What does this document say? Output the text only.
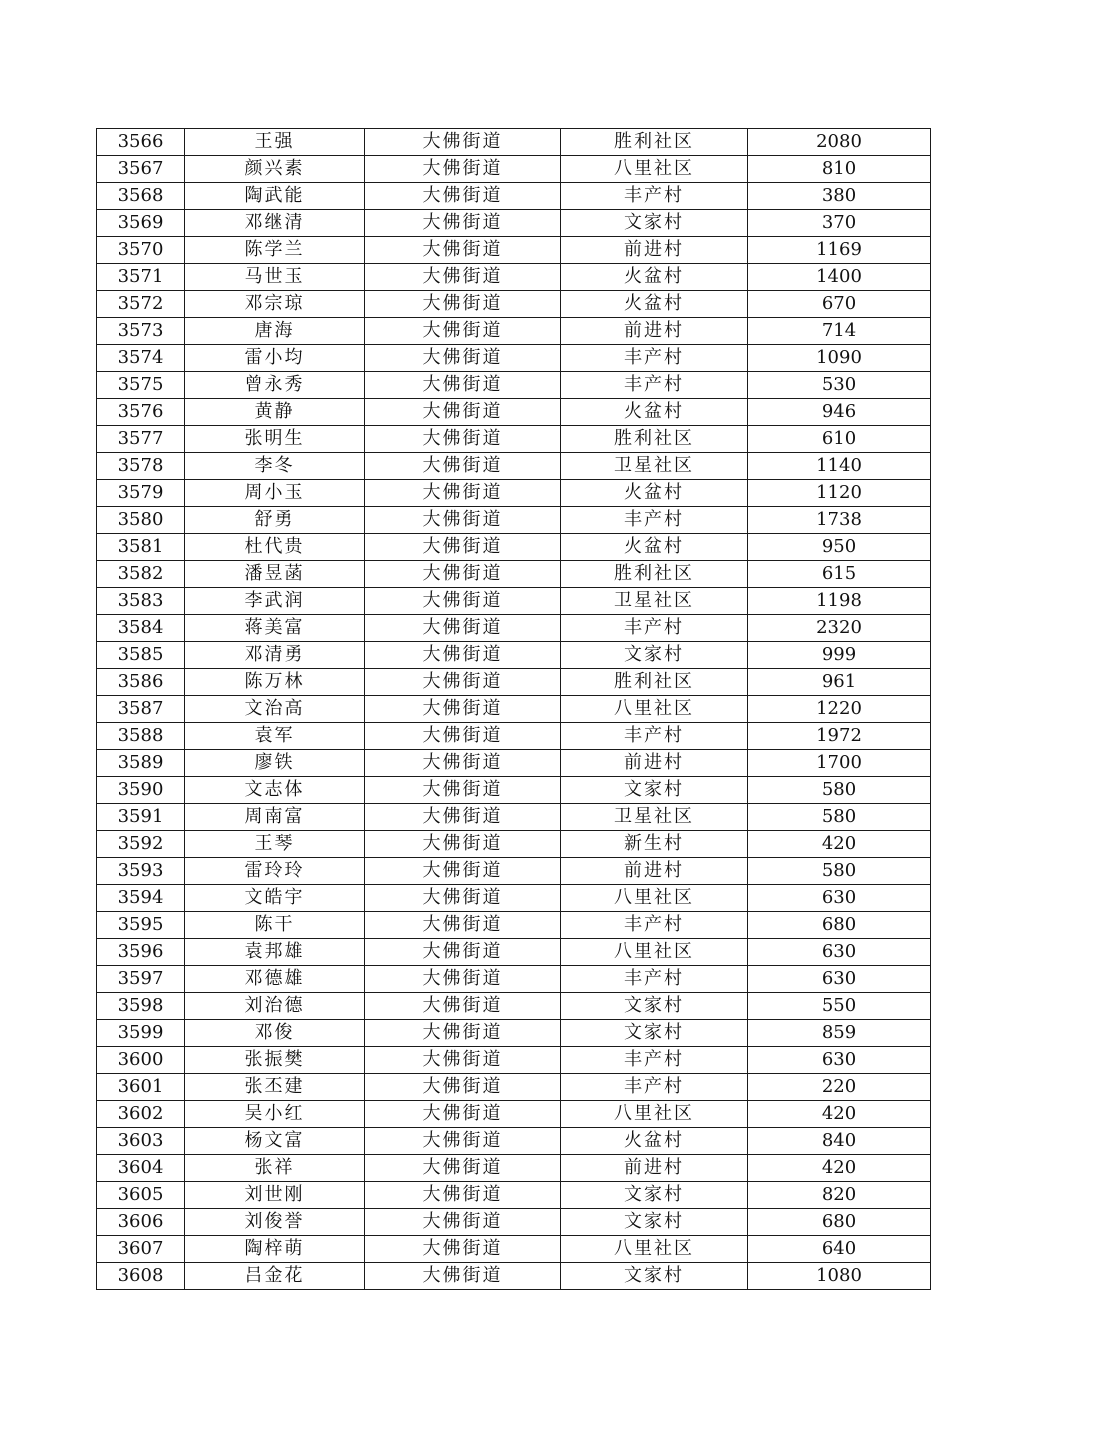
3566	王强	大佛街道	胜利社区	2080
3567	颜兴素	大佛街道	八里社区	810
3568	陶武能	大佛街道	丰产村	380
3569	邓继清	大佛街道	文家村	370
3570	陈学兰	大佛街道	前进村	1169
3571	马世玉	大佛街道	火盆村	1400
3572	邓宗琼	大佛街道	火盆村	670
3573	唐海	大佛街道	前进村	714
3574	雷小均	大佛街道	丰产村	1090
3575	曾永秀	大佛街道	丰产村	530
3576	黄静	大佛街道	火盆村	946
3577	张明生	大佛街道	胜利社区	610
3578	李冬	大佛街道	卫星社区	1140
3579	周小玉	大佛街道	火盆村	1120
3580	舒勇	大佛街道	丰产村	1738
3581	杜代贵	大佛街道	火盆村	950
3582	潘昱菡	大佛街道	胜利社区	615
3583	李武润	大佛街道	卫星社区	1198
3584	蒋美富	大佛街道	丰产村	2320
3585	邓清勇	大佛街道	文家村	999
3586	陈万林	大佛街道	胜利社区	961
3587	文治高	大佛街道	八里社区	1220
3588	袁军	大佛街道	丰产村	1972
3589	廖铁	大佛街道	前进村	1700
3590	文志体	大佛街道	文家村	580
3591	周南富	大佛街道	卫星社区	580
3592	王琴	大佛街道	新生村	420
3593	雷玲玲	大佛街道	前进村	580
3594	文皓宇	大佛街道	八里社区	630
3595	陈干	大佛街道	丰产村	680
3596	袁邦雄	大佛街道	八里社区	630
3597	邓德雄	大佛街道	丰产村	630
3598	刘治德	大佛街道	文家村	550
3599	邓俊	大佛街道	文家村	859
3600	张振樊	大佛街道	丰产村	630
3601	张丕建	大佛街道	丰产村	220
3602	吴小红	大佛街道	八里社区	420
3603	杨文富	大佛街道	火盆村	840
3604	张祥	大佛街道	前进村	420
3605	刘世刚	大佛街道	文家村	820
3606	刘俊誉	大佛街道	文家村	680
3607	陶梓萌	大佛街道	八里社区	640
3608	吕金花	大佛街道	文家村	1080
